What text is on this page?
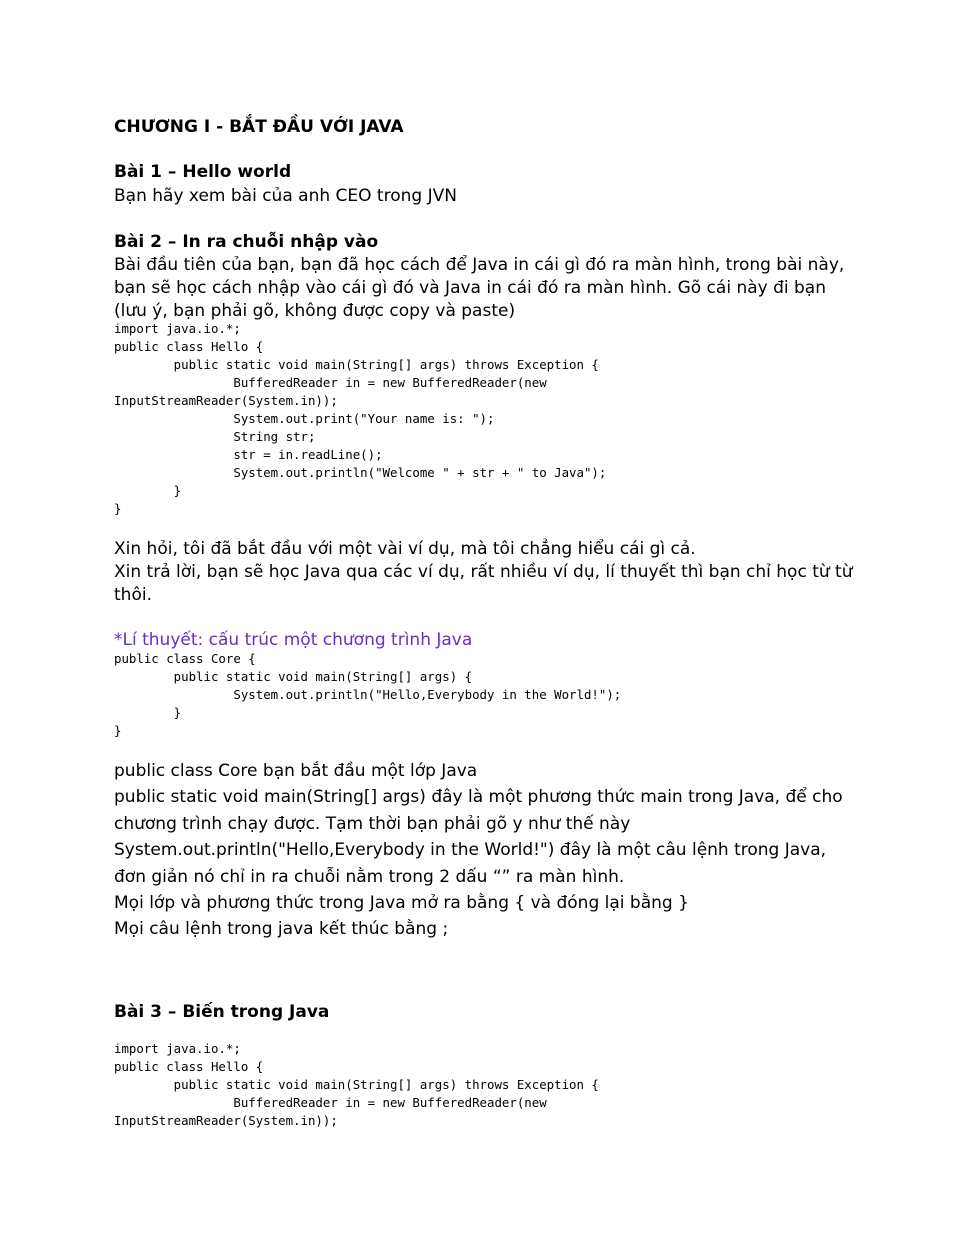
CHƯƠNG I - BẮT ĐẦU VỚI JAVA
Bài 1 – Hello world
Bạn hãy xem bài của anh CEO trong JVN
Bài 2 – In ra chuỗi nhập vào
Bài đầu tiên của bạn, bạn đã học cách để Java in cái gì đó ra màn hình, trong bài này, bạn sẽ học cách nhập vào cái gì đó và Java in cái đó ra màn hình. Gõ cái này đi bạn (lưu ý, bạn phải gõ, không được copy và paste)
import java.io.*;
public class Hello {
public static void main(String[] args) throws Exception {
BufferedReader in = new BufferedReader(new
InputStreamReader(System.in));
System.out.print("Your name is: ");
String str;
str = in.readLine();
System.out.println("Welcome " + str + " to Java");
}
}
Xin hỏi, tôi đã bắt đầu với một vài ví dụ, mà tôi chẳng hiểu cái gì cả.
Xin trả lời, bạn sẽ học Java qua các ví dụ, rất nhiều ví dụ, lí thuyết thì bạn chỉ học từ từ thôi.
*Lí thuyết: cấu trúc một chương trình Java
public class Core {
public static void main(String[] args) {
System.out.println("Hello,Everybody in the World!");
}
}
public class Core bạn bắt đầu một lớp Java
public static void main(String[] args) đây là một phương thức main trong Java, để cho
chương trình chạy được. Tạm thời bạn phải gõ y như thế này
System.out.println("Hello,Everybody in the World!") đây là một câu lệnh trong Java,
đơn giản nó chỉ in ra chuỗi nằm trong 2 dấu “” ra màn hình.
Mọi lớp và phương thức trong Java mở ra bằng { và đóng lại bằng }
Mọi câu lệnh trong java kết thúc bằng ;
Bài 3 – Biến trong Java
import java.io.*;
public class Hello {
public static void main(String[] args) throws Exception {
BufferedReader in = new BufferedReader(new
InputStreamReader(System.in));
